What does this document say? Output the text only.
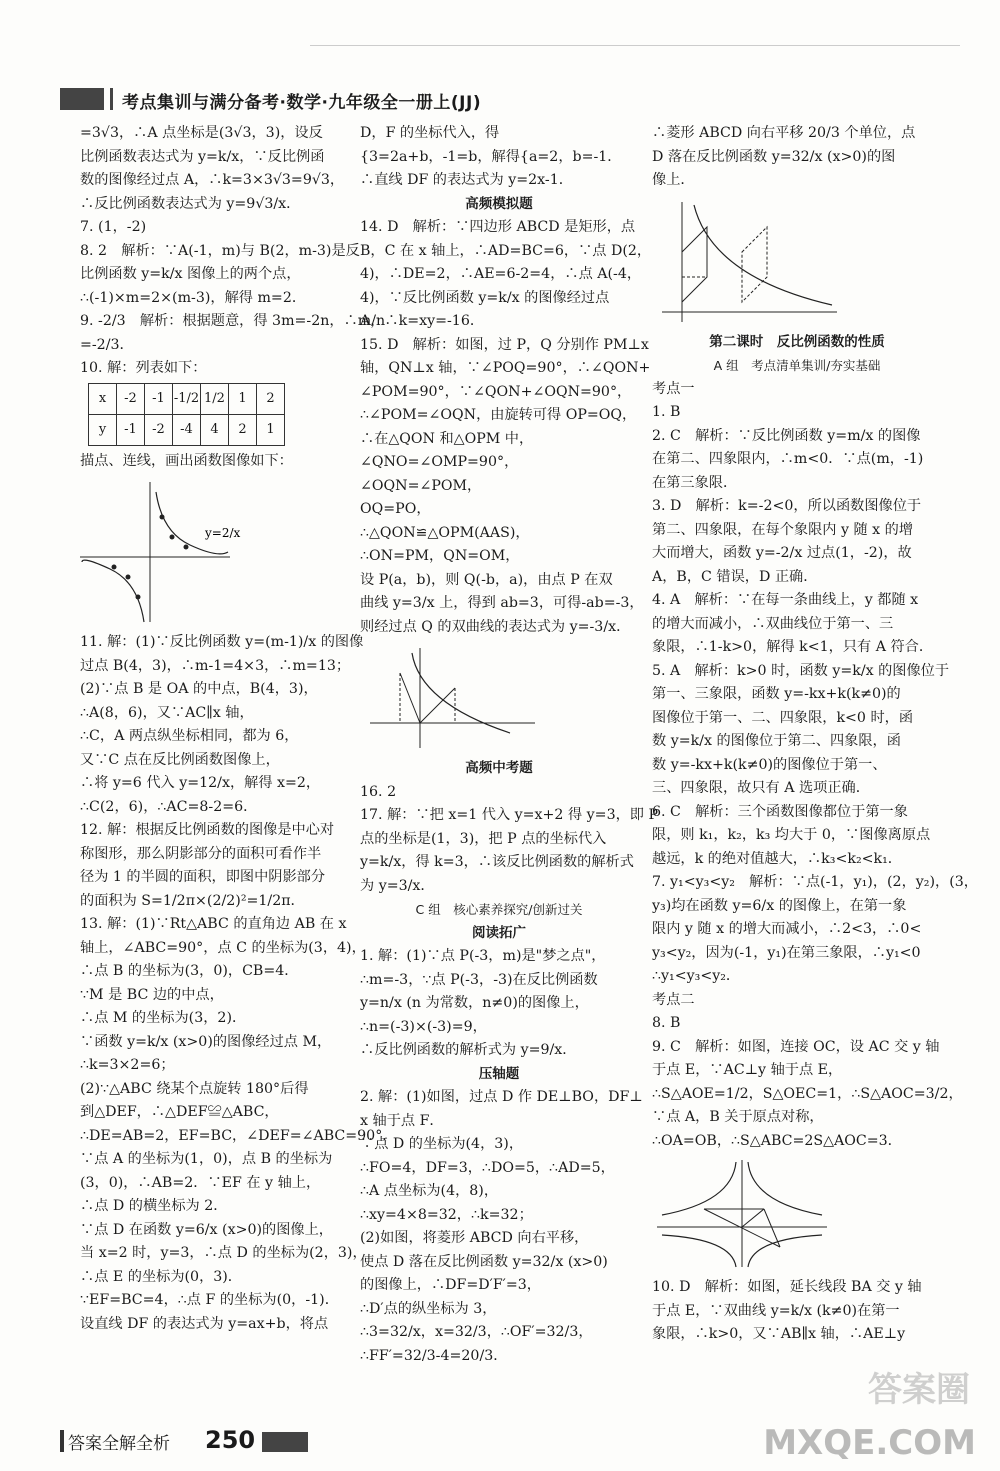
考点集训与满分备考·数学·九年级全一册上(JJ)
=3√3，∴A 点坐标是(3√3，3)，设反
比例函数表达式为 y=k/x，∵反比例函
数的图像经过点 A，∴k=3×3√3=9√3，
∴反比例函数表达式为 y=9√3/x．
7. (1，-2)
8. 2　解析：∵A(-1，m)与 B(2，m-3)是反
比例函数 y=k/x 图像上的两个点，
∴(-1)×m=2×(m-3)，解得 m=2．
9. -2/3　解析：根据题意，得 3m=-2n，∴m/n
=-2/3．
10. 解：列表如下：
x	-2	-1	-1/2	1/2	1	2
y	-1	-2	-4	4	2	1
描点、连线，画出函数图像如下：
y=2/x
11. 解：(1)∵反比例函数 y=(m-1)/x 的图像
过点 B(4，3)，∴m-1=4×3，∴m=13；
(2)∵点 B 是 OA 的中点，B(4，3)，
∴A(8，6)，又∵AC∥x 轴，
∴C，A 两点纵坐标相同，都为 6，
又∵C 点在反比例函数图像上，
∴将 y=6 代入 y=12/x，解得 x=2，
∴C(2，6)，∴AC=8-2=6．
12. 解：根据反比例函数的图像是中心对
称图形，那么阴影部分的面积可看作半
径为 1 的半圆的面积，即图中阴影部分
的面积为 S=1/2π×(2/2)²=1/2π．
13. 解：(1)∵Rt△ABC 的直角边 AB 在 x
轴上，∠ABC=90°，点 C 的坐标为(3，4)，
∴点 B 的坐标为(3，0)，CB=4．
∵M 是 BC 边的中点，
∴点 M 的坐标为(3，2)．
∵函数 y=k/x (x>0)的图像经过点 M，
∴k=3×2=6；
(2)∵△ABC 绕某个点旋转 180°后得
到△DEF，∴△DEF≌△ABC，
∴DE=AB=2，EF=BC，∠DEF=∠ABC=90°．
∵点 A 的坐标为(1，0)，点 B 的坐标为
(3，0)，∴AB=2．∵EF 在 y 轴上，
∴点 D 的横坐标为 2．
∵点 D 在函数 y=6/x (x>0)的图像上，
当 x=2 时，y=3，∴点 D 的坐标为(2，3)，
∴点 E 的坐标为(0，3)．
∵EF=BC=4，∴点 F 的坐标为(0，-1)．
设直线 DF 的表达式为 y=ax+b，将点
D，F 的坐标代入，得
{3=2a+b，-1=b，解得{a=2，b=-1．
∴直线 DF 的表达式为 y=2x-1．
高频模拟题
14. D　解析：∵四边形 ABCD 是矩形，点
B，C 在 x 轴上，∴AD=BC=6，∵点 D(2，
4)，∴DE=2，∴AE=6-2=4，∴点 A(-4，
4)，∵反比例函数 y=k/x 的图像经过点
A，∴k=xy=-16．
15. D　解析：如图，过 P，Q 分别作 PM⊥x
轴，QN⊥x 轴，∵∠POQ=90°，∴∠QON+
∠POM=90°，∵∠QON+∠OQN=90°，
∴∠POM=∠OQN，由旋转可得 OP=OQ，
∴在△QON 和△OPM 中，
∠QNO=∠OMP=90°，
∠OQN=∠POM，
OQ=PO，
∴△QON≌△OPM(AAS)，
∴ON=PM，QN=OM，
设 P(a，b)，则 Q(-b，a)，由点 P 在双
曲线 y=3/x 上，得到 ab=3，可得-ab=-3，
则经过点 Q 的双曲线的表达式为 y=-3/x．
高频中考题
16. 2
17. 解：∵把 x=1 代入 y=x+2 得 y=3，即 P
点的坐标是(1，3)，把 P 点的坐标代入
y=k/x，得 k=3，∴该反比例函数的解析式
为 y=3/x．
C 组　核心素养探究/创新过关
阅读拓广
1. 解：(1)∵点 P(-3，m)是"梦之点"，
∴m=-3，∵点 P(-3，-3)在反比例函数
y=n/x (n 为常数，n≠0)的图像上，
∴n=(-3)×(-3)=9，
∴反比例函数的解析式为 y=9/x．
压轴题
2. 解：(1)如图，过点 D 作 DE⊥BO，DF⊥
x 轴于点 F．
∵点 D 的坐标为(4，3)，
∴FO=4，DF=3，∴DO=5，∴AD=5，
∴A 点坐标为(4，8)，
∴xy=4×8=32，∴k=32；
(2)如图，将菱形 ABCD 向右平移，
使点 D 落在反比例函数 y=32/x (x>0)
的图像上，∴DF=D′F′=3，
∴D′点的纵坐标为 3，
∴3=32/x，x=32/3，∴OF′=32/3，
∴FF′=32/3-4=20/3．
∴菱形 ABCD 向右平移 20/3 个单位，点
D 落在反比例函数 y=32/x (x>0)的图
像上．
第二课时　反比例函数的性质
A 组　考点清单集训/夯实基础
考点一
1. B
2. C　解析：∵反比例函数 y=m/x 的图像
在第二、四象限内，∴m<0．∵点(m，-1)
在第三象限．
3. D　解析：k=-2<0，所以函数图像位于
第二、四象限，在每个象限内 y 随 x 的增
大而增大，函数 y=-2/x 过点(1，-2)，故
A，B，C 错误，D 正确．
4. A　解析：∵在每一条曲线上，y 都随 x
的增大而减小，∴双曲线位于第一、三
象限，∴1-k>0，解得 k<1，只有 A 符合．
5. A　解析：k>0 时，函数 y=k/x 的图像位于
第一、三象限，函数 y=-kx+k(k≠0)的
图像位于第一、二、四象限，k<0 时，函
数 y=k/x 的图像位于第二、四象限，函
数 y=-kx+k(k≠0)的图像位于第一、
三、四象限，故只有 A 选项正确．
6. C　解析：三个函数图像都位于第一象
限，则 k₁，k₂，k₃ 均大于 0，∵图像离原点
越远，k 的绝对值越大，∴k₃<k₂<k₁．
7. y₁<y₃<y₂　解析：∵点(-1，y₁)，(2，y₂)，(3，
y₃)均在函数 y=6/x 的图像上，在第一象
限内 y 随 x 的增大而减小，∴2<3，∴0<
y₃<y₂，因为(-1，y₁)在第三象限，∴y₁<0
∴y₁<y₃<y₂．
考点二
8. B
9. C　解析：如图，连接 OC，设 AC 交 y 轴
于点 E，∵AC⊥y 轴于点 E，
∴S△AOE=1/2，S△OEC=1，∴S△AOC=3/2，
∵点 A，B 关于原点对称，
∴OA=OB，∴S△ABC=2S△AOC=3．
10. D　解析：如图，延长线段 BA 交 y 轴
于点 E，∵双曲线 y=k/x (k≠0)在第一
象限，∴k>0，又∵AB∥x 轴，∴AE⊥y
答案全解全析 250
答案圈
MXQE.COM
